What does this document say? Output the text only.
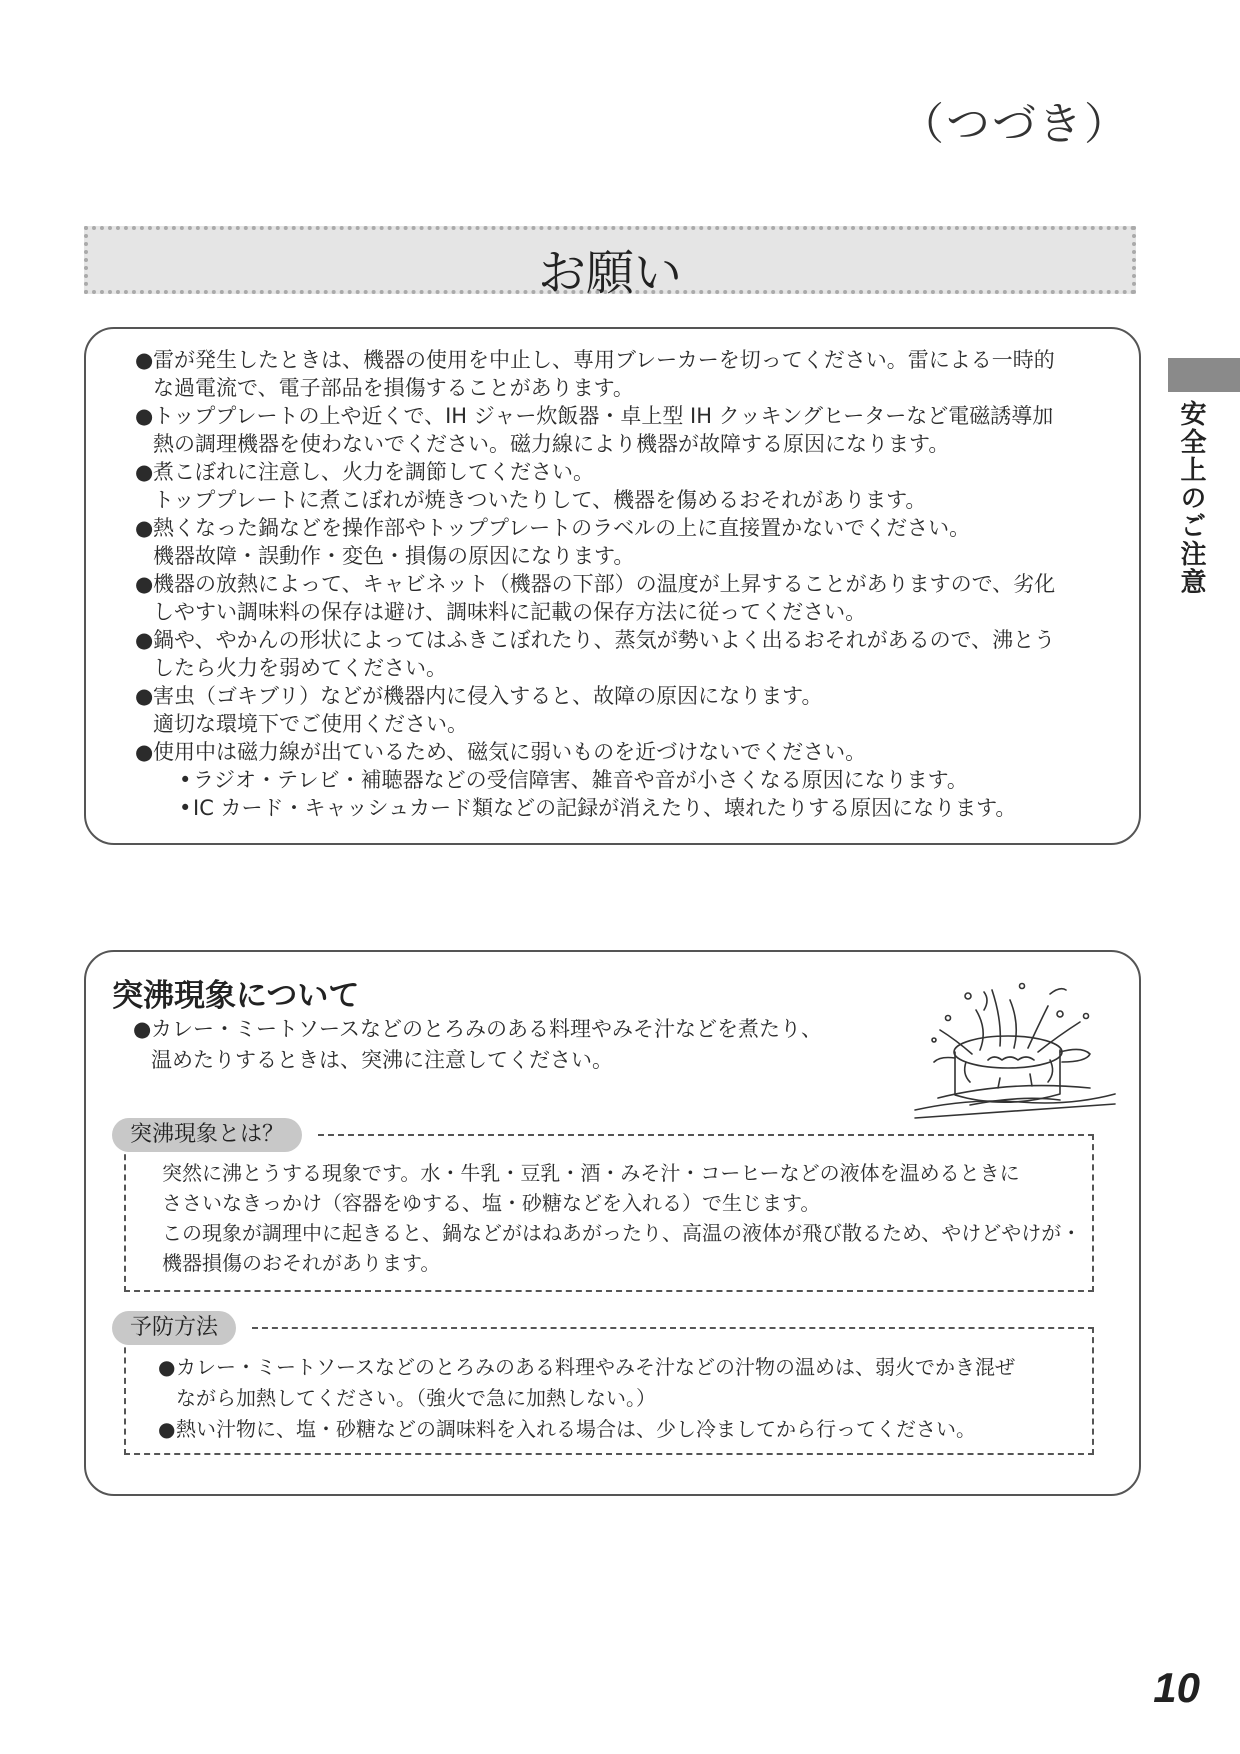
（つづき）
お願い
安全上のご注意
● 雷が発生したときは、機器の使用を中止し、専用ブレーカーを切ってください。雷による一時的
な過電流で、電子部品を損傷することがあります。
● トッププレートの上や近くで、IH ジャー炊飯器・卓上型 IH クッキングヒーターなど電磁誘導加
熱の調理機器を使わないでください。磁力線により機器が故障する原因になります。
● 煮こぼれに注意し、火力を調節してください。
トッププレートに煮こぼれが焼きついたりして、機器を傷めるおそれがあります。
● 熱くなった鍋などを操作部やトッププレートのラベルの上に直接置かないでください。
機器故障・誤動作・変色・損傷の原因になります。
● 機器の放熱によって、キャビネット（機器の下部）の温度が上昇することがありますので、劣化
しやすい調味料の保存は避け、調味料に記載の保存方法に従ってください。
● 鍋や、やかんの形状によってはふきこぼれたり、蒸気が勢いよく出るおそれがあるので、沸とう
したら火力を弱めてください。
● 害虫（ゴキブリ）などが機器内に侵入すると、故障の原因になります。
適切な環境下でご使用ください。
● 使用中は磁力線が出ているため、磁気に弱いものを近づけないでください。
•ラジオ・テレビ・補聴器などの受信障害、雑音や音が小さくなる原因になります。
•IC カード・キャッシュカード類などの記録が消えたり、壊れたりする原因になります。
突沸現象について
● カレー・ミートソースなどのとろみのある料理やみそ汁などを煮たり、
温めたりするときは、突沸に注意してください。
突沸現象とは？
突然に沸とうする現象です。水・牛乳・豆乳・酒・みそ汁・コーヒーなどの液体を温めるときに
ささいなきっかけ（容器をゆする、塩・砂糖などを入れる）で生じます。
この現象が調理中に起きると、鍋などがはねあがったり、高温の液体が飛び散るため、やけどやけが・
機器損傷のおそれがあります。
予防方法
● カレー・ミートソースなどのとろみのある料理やみそ汁などの汁物の温めは、弱火でかき混ぜ
ながら加熱してください。（強火で急に加熱しない。）
● 熱い汁物に、塩・砂糖などの調味料を入れる場合は、少し冷ましてから行ってください。
10
